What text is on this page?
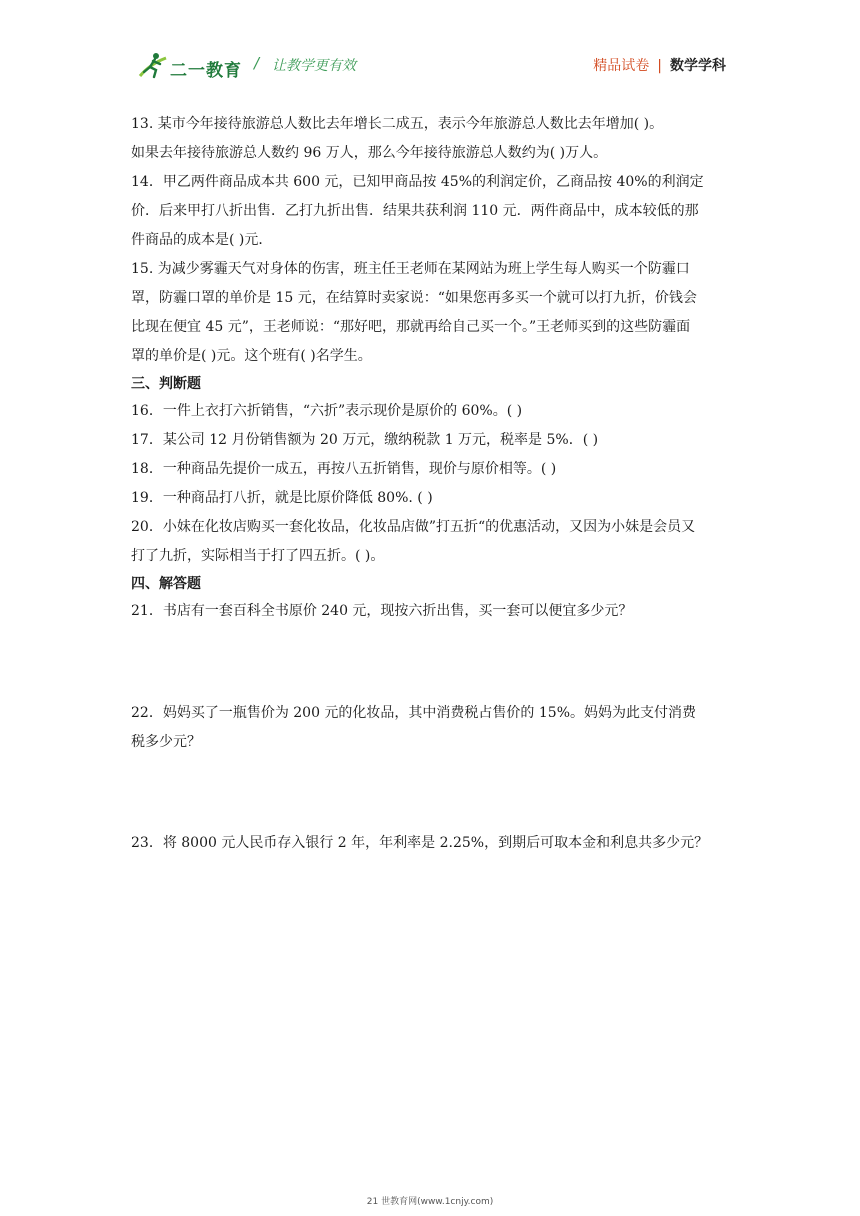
二一教育 / 让教学更有效	精品试卷 | 数学学科
13. 某市今年接待旅游总人数比去年增长二成五，表示今年旅游总人数比去年增加( )。
如果去年接待旅游总人数约 96 万人，那么今年接待旅游总人数约为( )万人。
14．甲乙两件商品成本共 600 元，已知甲商品按 45%的利润定价，乙商品按 40%的利润定
价．后来甲打八折出售．乙打九折出售．结果共获利润 110 元．两件商品中，成本较低的那
件商品的成本是( )元．
15. 为减少雾霾天气对身体的伤害，班主任王老师在某网站为班上学生每人购买一个防霾口
罩，防霾口罩的单价是 15 元，在结算时卖家说：“如果您再多买一个就可以打九折，价钱会
比现在便宜 45 元”，王老师说：“那好吧，那就再给自己买一个。”王老师买到的这些防霾面
罩的单价是( )元。这个班有( )名学生。
三、判断题
16．一件上衣打六折销售，“六折”表示现价是原价的 60%。( )
17．某公司 12 月份销售额为 20 万元，缴纳税款 1 万元，税率是 5%．( )
18．一种商品先提价一成五，再按八五折销售，现价与原价相等。( )
19．一种商品打八折，就是比原价降低 80%. ( )
20．小妹在化妆店购买一套化妆品，化妆品店做”打五折“的优惠活动，又因为小妹是会员又
打了九折，实际相当于打了四五折。( )。
四、解答题
21．书店有一套百科全书原价 240 元，现按六折出售，买一套可以便宜多少元？
22．妈妈买了一瓶售价为 200 元的化妆品，其中消费税占售价的 15%。妈妈为此支付消费
税多少元？
23．将 8000 元人民币存入银行 2 年，年利率是 2.25%，到期后可取本金和利息共多少元？
21 世教育网(www.1cnjy.com)
